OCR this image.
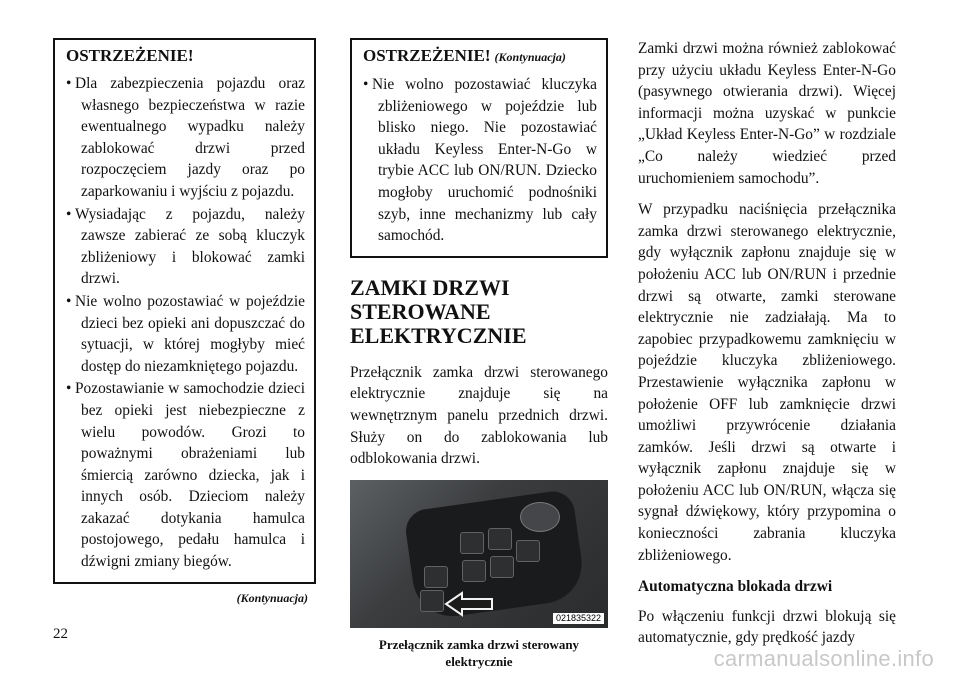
OSTRZEŻENIE!
• Dla zabezpieczenia pojazdu oraz własnego bezpieczeństwa w razie ewentualnego wypadku należy zablokować drzwi przed rozpoczęciem jazdy oraz po zaparkowaniu i wyjściu z pojazdu.
• Wysiadając z pojazdu, należy zawsze zabierać ze sobą kluczyk zbliżeniowy i blokować zamki drzwi.
• Nie wolno pozostawiać w pojeździe dzieci bez opieki ani dopuszczać do sytuacji, w której mogłyby mieć dostęp do niezamkniętego pojazdu.
• Pozostawianie w samochodzie dzieci bez opieki jest niebezpieczne z wielu powodów. Grozi to poważnymi obrażeniami lub śmiercią zarówno dziecka, jak i innych osób. Dzieciom należy zakazać dotykania hamulca postojowego, pedału hamulca i dźwigni zmiany biegów.
(Kontynuacja)
OSTRZEŻENIE! (Kontynuacja)
• Nie wolno pozostawiać kluczyka zbliżeniowego w pojeździe lub blisko niego. Nie pozostawiać układu Keyless Enter-N-Go w trybie ACC lub ON/RUN. Dziecko mogłoby uruchomić podnośniki szyb, inne mechanizmy lub cały samochód.
ZAMKI DRZWI
STEROWANE
ELEKTRYCZNIE

Przełącznik zamka drzwi sterowanego elektrycznie znajduje się na wewnętrznym panelu przednich drzwi. Służy on do zablokowania lub odblokowania drzwi.

021835322
Przełącznik zamka drzwi sterowany elektrycznie

Zamki drzwi można również zablokować przy użyciu układu Keyless Enter-N-Go (pasywnego otwierania drzwi). Więcej informacji można uzyskać w punkcie „Układ Keyless Enter-N-Go” w rozdziale „Co należy wiedzieć przed uruchomieniem samochodu”.

W przypadku naciśnięcia przełącznika zamka drzwi sterowanego elektrycznie, gdy wyłącznik zapłonu znajduje się w położeniu ACC lub ON/RUN i przednie drzwi są otwarte, zamki sterowane elektrycznie nie zadziałają. Ma to zapobiec przypadkowemu zamknięciu w pojeździe kluczyka zbliżeniowego. Przestawienie wyłącznika zapłonu w położenie OFF lub zamknięcie drzwi umożliwi przywrócenie działania zamków. Jeśli drzwi są otwarte i wyłącznik zapłonu znajduje się w położeniu ACC lub ON/RUN, włącza się sygnał dźwiękowy, który przypomina o konieczności zabrania kluczyka zbliżeniowego.

Automatyczna blokada drzwi

Po włączeniu funkcji drzwi blokują się automatycznie, gdy prędkość jazdy

22
carmanualsonline.info
